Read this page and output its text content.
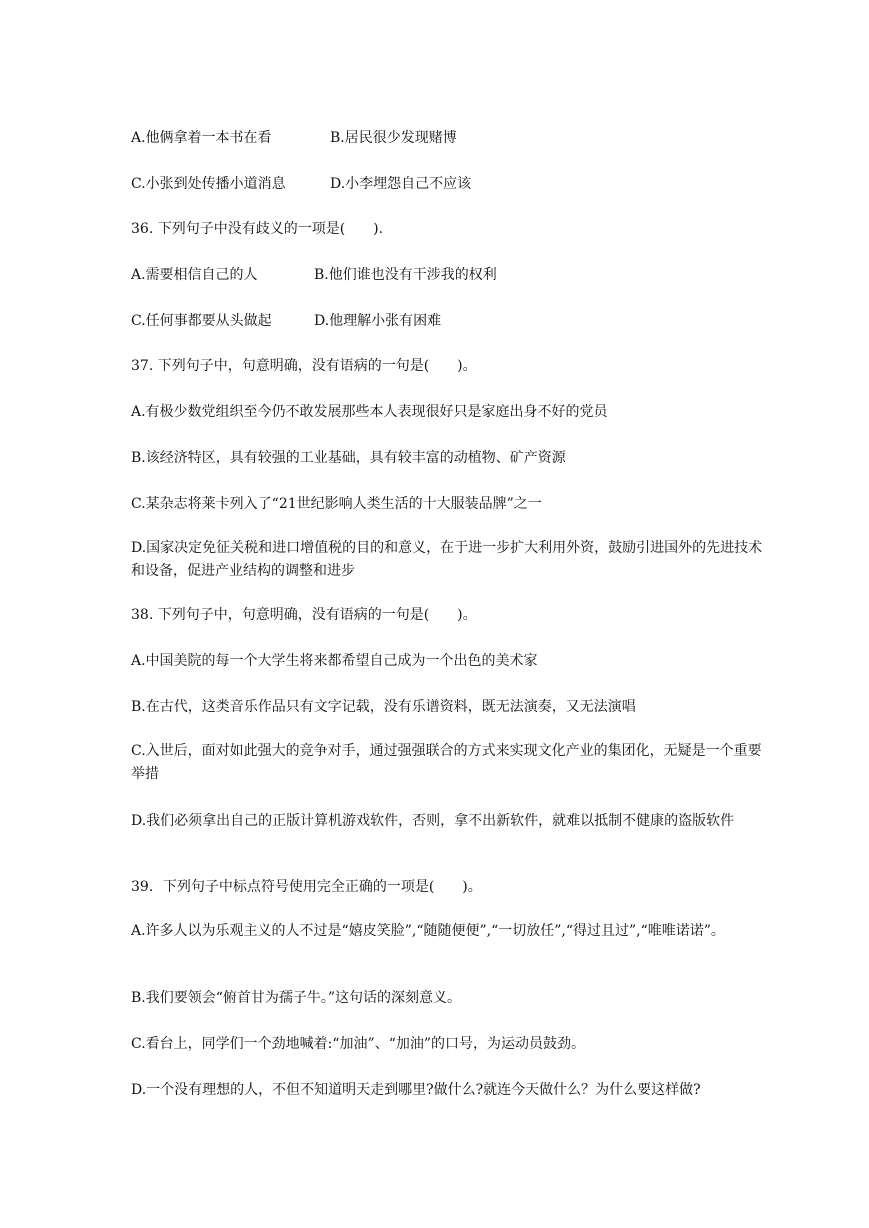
A.他俩拿着一本书在看	B.居民很少发现赌博
C.小张到处传播小道消息	D.小李埋怨自己不应该
36. 下列句子中没有歧义的一项是(　　).
A.需要相信自己的人	B.他们谁也没有干涉我的权利
C.任何事都要从头做起	D.他理解小张有困难
37. 下列句子中，句意明确，没有语病的一句是(　　)。
A.有极少数党组织至今仍不敢发展那些本人表现很好只是家庭出身不好的党员
B.该经济特区，具有较强的工业基础，具有较丰富的动植物、矿产资源
C.某杂志将莱卡列入了“21世纪影响人类生活的十大服装品牌”之一
D.国家决定免征关税和进口增值税的目的和意义，在于进一步扩大利用外资，鼓励引进国外的先进技术和设备，促进产业结构的调整和进步
38. 下列句子中，句意明确，没有语病的一句是(　　)。
A.中国美院的每一个大学生将来都希望自己成为一个出色的美术家
B.在古代，这类音乐作品只有文字记载，没有乐谱资料，既无法演奏，又无法演唱
C.入世后，面对如此强大的竞争对手，通过强强联合的方式来实现文化产业的集团化，无疑是一个重要举措
D.我们必须拿出自己的正版计算机游戏软件，否则，拿不出新软件，就难以抵制不健康的盗版软件
39．下列句子中标点符号使用完全正确的一项是(　　)。
A.许多人以为乐观主义的人不过是“嬉皮笑脸”,“随随便便”,“一切放任”,“得过且过”,“唯唯诺诺”。
B.我们要领会“俯首甘为孺子牛。”这句话的深刻意义。
C.看台上，同学们一个劲地喊着:“加油”、“加油”的口号，为运动员鼓劲。
D.一个没有理想的人，不但不知道明天走到哪里?做什么?就连今天做什么？为什么要这样做?
